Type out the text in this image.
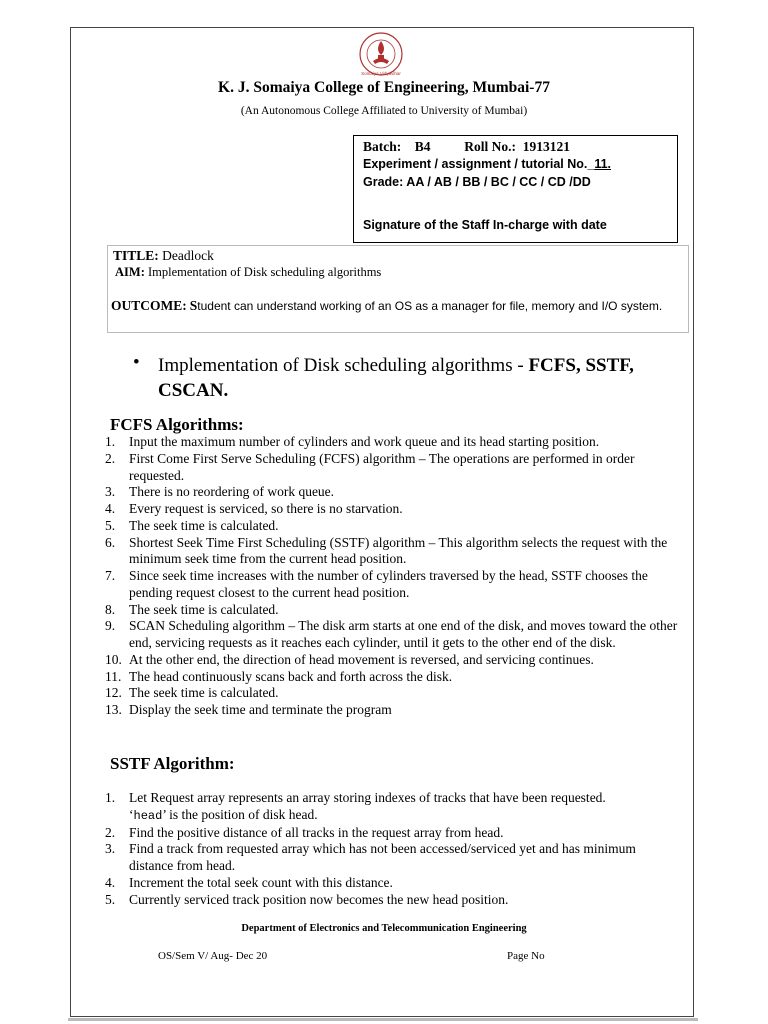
Somaiya Vidyavihar
K. J. Somaiya College of Engineering, Mumbai-77
(An Autonomous College Affiliated to University of Mumbai)
Batch: B4	Roll No.: 1913121
Experiment / assignment / tutorial No._11.
Grade: AA / AB / BB / BC / CC / CD /DD
Signature of the Staff In-charge with date
TITLE: Deadlock
AIM: Implementation of Disk scheduling algorithms
OUTCOME: Student can understand working of an OS as a manager for file, memory and I/O system.
• Implementation of Disk scheduling algorithms - FCFS, SSTF, CSCAN.
FCFS Algorithms:
1. Input the maximum number of cylinders and work queue and its head starting position.
2. First Come First Serve Scheduling (FCFS) algorithm – The operations are performed in order requested.
3. There is no reordering of work queue.
4. Every request is serviced, so there is no starvation.
5. The seek time is calculated.
6. Shortest Seek Time First Scheduling (SSTF) algorithm – This algorithm selects the request with the minimum seek time from the current head position.
7. Since seek time increases with the number of cylinders traversed by the head, SSTF chooses the pending request closest to the current head position.
8. The seek time is calculated.
9. SCAN Scheduling algorithm – The disk arm starts at one end of the disk, and moves toward the other end, servicing requests as it reaches each cylinder, until it gets to the other end of the disk.
10. At the other end, the direction of head movement is reversed, and servicing continues.
11. The head continuously scans back and forth across the disk.
12. The seek time is calculated.
13. Display the seek time and terminate the program
SSTF Algorithm:
1. Let Request array represents an array storing indexes of tracks that have been requested. ‘head’ is the position of disk head.
2. Find the positive distance of all tracks in the request array from head.
3. Find a track from requested array which has not been accessed/serviced yet and has minimum distance from head.
4. Increment the total seek count with this distance.
5. Currently serviced track position now becomes the new head position.
Department of Electronics and Telecommunication Engineering
OS/Sem V/ Aug- Dec 20	Page No
